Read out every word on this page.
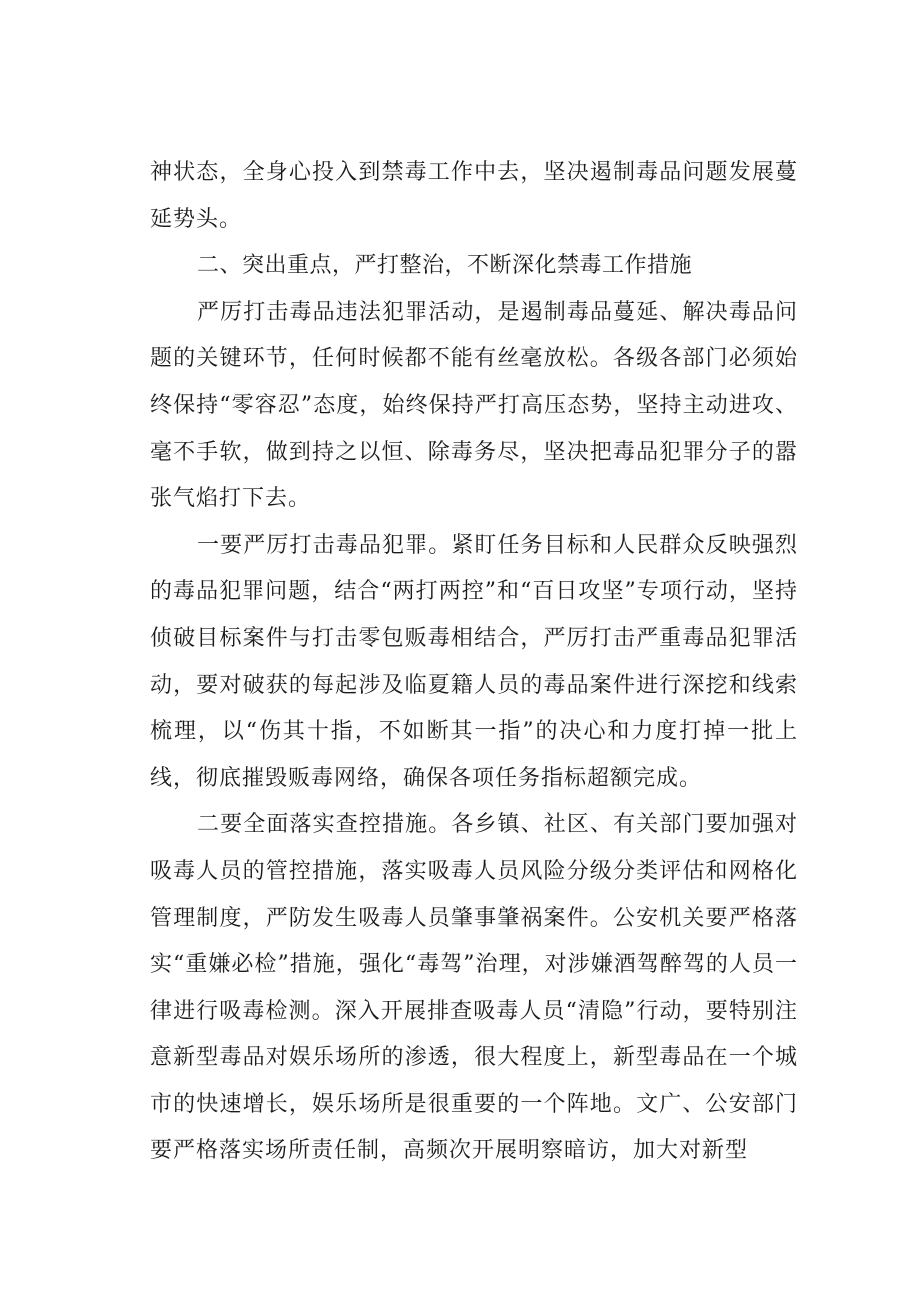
神状态，全身心投入到禁毒工作中去，坚决遏制毒品问题发展蔓延势头。

二、突出重点，严打整治，不断深化禁毒工作措施

严厉打击毒品违法犯罪活动，是遏制毒品蔓延、解决毒品问题的关键环节，任何时候都不能有丝毫放松。各级各部门必须始终保持“零容忍”态度，始终保持严打高压态势，坚持主动进攻、毫不手软，做到持之以恒、除毒务尽，坚决把毒品犯罪分子的嚣张气焰打下去。

一要严厉打击毒品犯罪。紧盯任务目标和人民群众反映强烈的毒品犯罪问题，结合“两打两控”和“百日攻坚”专项行动，坚持侦破目标案件与打击零包贩毒相结合，严厉打击严重毒品犯罪活动，要对破获的每起涉及临夏籍人员的毒品案件进行深挖和线索梳理，以“伤其十指，不如断其一指”的决心和力度打掉一批上线，彻底摧毁贩毒网络，确保各项任务指标超额完成。

二要全面落实查控措施。各乡镇、社区、有关部门要加强对吸毒人员的管控措施，落实吸毒人员风险分级分类评估和网格化管理制度，严防发生吸毒人员肇事肇祸案件。公安机关要严格落实“重嫌必检”措施，强化“毒驾”治理，对涉嫌酒驾醉驾的人员一律进行吸毒检测。深入开展排查吸毒人员“清隐”行动，要特别注意新型毒品对娱乐场所的渗透，很大程度上，新型毒品在一个城市的快速增长，娱乐场所是很重要的一个阵地。文广、公安部门要严格落实场所责任制，高频次开展明察暗访，加大对新型
